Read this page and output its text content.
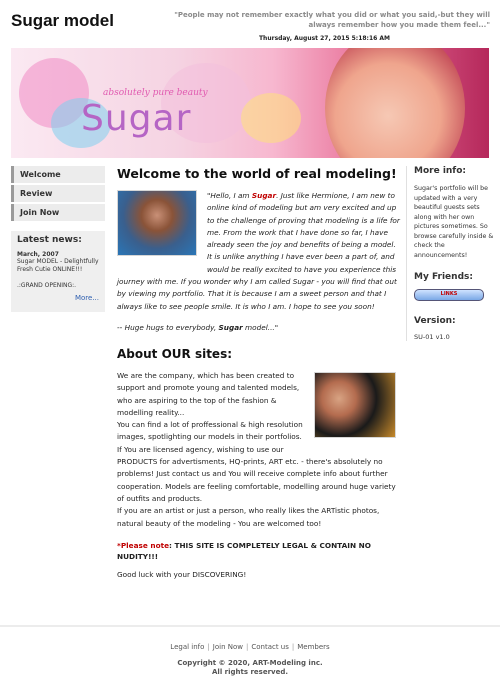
Sugar model	"People may not remember exactly what you did or what you said,-but they will always remember how you made them feel..."
Thursday, August 27, 2015 5:18:16 AM
absolutely pure beauty
Sugar
Welcome
Review
Join Now
Latest news:
March, 2007
Sugar MODEL - Delightfully Fresh Cutie ONLINE!!!
.:GRAND OPENING:.
More...
Welcome to the world of real modeling!
"Hello, I am Sugar. Just like Hermione, I am new to online kind of modeling but am very excited and up to the challenge of proving that modeling is a life for me. From the work that I have done so far, I have already seen the joy and benefits of being a model. It is unlike anything I have ever been a part of, and would be really excited to have you experience this journey with me. If you wonder why I am called Sugar - you will find that out by viewing my portfolio. That it is because I am a sweet person and that I always like to see people smile. It is who I am. I hope to see you soon!
-- Huge hugs to everybody, Sugar model..."
About OUR sites:
We are the company, which has been created to support and promote young and talented models, who are aspiring to the top of the fashion & modelling reality...
You can find a lot of proffessional & high resolution images, spotlighting our models in their portfolios.
If You are licensed agency, wishing to use our PRODUCTS for advertisments, HQ-prints, ART etc. - there's absolutely no problems! Just contact us and You will receive complete info about further cooperation. Models are feeling comfortable, modelling around huge variety of outfits and products.
If you are an artist or just a person, who really likes the ARTistic photos, natural beauty of the modeling - You are welcomed too!
*Please note: THIS SITE IS COMPLETELY LEGAL & CONTAIN NO NUDITY!!!
Good luck with your DISCOVERING!
More info:
Sugar's portfolio will be updated with a very beautiful guests sets along with her own pictures sometimes. So browse carefully inside & check the announcements!
My Friends:
LINKS
Version:
SU-01 v1.0
Legal info | Join Now | Contact us | Members
Copyright © 2020, ART-Modeling inc.
All rights reserved.
